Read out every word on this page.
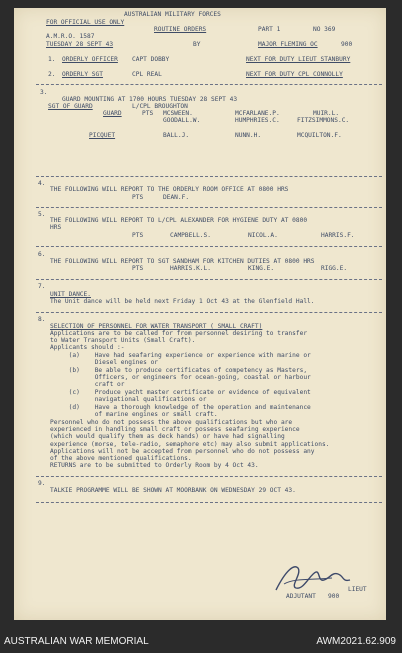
AUSTRALIAN MILITARY FORCES
FOR OFFICIAL USE ONLY
ROUTINE ORDERS	PART 1	NO 369
A.M.R.O. 1587
TUESDAY 28 SEPT 43	BY	MAJOR FLEMING OC	900
1. ORDERLY OFFICER CAPT DOBBY	NEXT FOR DUTY LIEUT STANBURY
2. ORDERLY SGT	CPL REAL	NEXT FOR DUTY CPL CONNOLLY
3.
GUARD MOUNTING AT 1700 HOURS TUESDAY 28 SEPT 43
SGT OF GUARD	L/CPL BROUGHTON
GUARD	PTS MCSWEEN.	MCFARLANE.P.	MUIR.L.
GOODALL.W.	HUMPHRIES.C.	FITZSIMMONS.C.
PICQUET	BALL.J.	NUNN.H.	MCQUILTON.F.
4.
THE FOLLOWING WILL REPORT TO THE ORDERLY ROOM OFFICE AT 0800 HRS
PTS	DEAN.F.
5.
THE FOLLOWING WILL REPORT TO L/CPL ALEXANDER FOR HYGIENE DUTY AT 0800
HRS
PTS	CAMPBELL.S.	NICOL.A.	HARRIS.F.
6.
THE FOLLOWING WILL REPORT TO SGT SANDHAM FOR KITCHEN DUTIES AT 0800 HRS
PTS	HARRIS.K.L.	KING.E.	RIGG.E.
7.
UNIT DANCE.
The Unit dance will be held next Friday 1 Oct 43 at the Glenfield Hall.
8.
SELECTION OF PERSONNEL FOR WATER TRANSPORT ( SMALL CRAFT)
Applications are to be called for from personnel desiring to transfer
to Water Transport Units (Small Craft).
Applicants should :-
(a)    Have had seafaring experience or experience with marine or
Diesel engines or
(b)    Be able to produce certificates of competency as Masters,
Officers, or engineers for ocean-going, coastal or harbour
craft or
(c)    Produce yacht master certificate or evidence of equivalent
navigational qualifications or
(d)    Have a thorough knowledge of the operation and maintenance
of marine engines or small craft.
Personnel who do not possess the above qualifications but who are
experienced in handling small craft or possess seafaring experience
(which would qualify them as deck hands) or have had signalling
experience (morse, tele-radio, semaphore etc) may also submit applications.
Applications will not be accepted from personnel who do not possess any
of the above mentioned qualifications.
RETURNS are to be submitted to Orderly Room by 4 Oct 43.
9.
TALKIE PROGRAMME WILL BE SHOWN AT MOORBANK ON WEDNESDAY 29 OCT 43.
LIEUT
ADJUTANT 900
AUSTRALIAN WAR MEMORIAL	AWM2021.62.909
